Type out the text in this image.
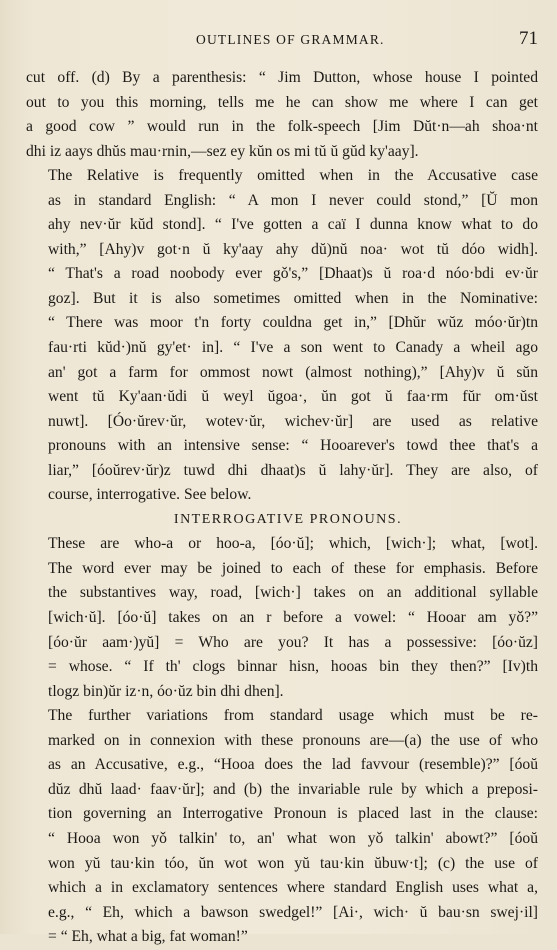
OUTLINES OF GRAMMAR.	71

cut off. (d) By a parenthesis: “ Jim Dutton, whose house I pointed
out to you this morning, tells me he can show me where I can get
a good cow ” would run in the folk-speech [Jim Dŭt·n—ah shoa·nt
dhi iz aays dhŭs mau·rnin,—sez ey kŭn os mi tŭ ŭ gŭd ky'aay].

The Relative is frequently omitted when in the Accusative case
as in standard English: “ A mon I never could stond,” [Ŭ mon
ahy nev·ŭr kŭd stond]. “ I've gotten a caï I dunna know what to do
with,” [Ahy)v got·n ŭ ky'aay ahy dŭ)nŭ noa· wot tŭ dóo widh].
“ That's a road noobody ever gǒ's,” [Dhaat)s ŭ roa·d nóo·bdi ev·ŭr
goz]. But it is also sometimes omitted when in the Nominative:
“ There was moor t'n forty couldna get in,” [Dhŭr wŭz móo·ŭr)tn
fau·rti kŭd·)nŭ gy'et· in]. “ I've a son went to Canady a wheil ago
an' got a farm for ommost nowt (almost nothing),” [Ahy)v ŭ sŭn
went tŭ Ky'aan·ŭdi ŭ weyl ŭgoa·, ŭn got ŭ faa·rm fŭr om·ŭst
nuwt]. [Óo·ŭrev·ŭr, wotev·ŭr, wichev·ŭr] are used as relative
pronouns with an intensive sense: “ Hooarever's towd thee that's a
liar,” [óoŭrev·ŭr)z tuwd dhi dhaat)s ŭ lahy·ŭr]. They are also, of
course, interrogative. See below.

INTERROGATIVE PRONOUNS.

These are who-a or hoo-a, [óo·ŭ]; which, [wich·]; what, [wot].
The word ever may be joined to each of these for emphasis. Before
the substantives way, road, [wich·] takes on an additional syllable
[wich·ŭ]. [óo·ŭ] takes on an r before a vowel: “ Hooar am yǒ?”
[óo·ŭr aam·)yŭ] = Who are you? It has a possessive: [óo·ŭz]
= whose. “ If th' clogs binnar hisn, hooas bin they then?” [Iv)th
tlogz bin)ŭr iz·n, óo·ŭz bin dhi dhen].

The further variations from standard usage which must be re-
marked on in connexion with these pronouns are—(a) the use of who
as an Accusative, e.g., “Hooa does the lad favvour (resemble)?” [óoŭ
dŭz dhŭ laad· faav·ŭr]; and (b) the invariable rule by which a preposi-
tion governing an Interrogative Pronoun is placed last in the clause:
“ Hooa won yǒ talkin' to, an' what won yǒ talkin' abowt?” [óoŭ
won yŭ tau·kin tóo, ŭn wot won yŭ tau·kin ŭbuw·t]; (c) the use of
which a in exclamatory sentences where standard English uses what a,
e.g., “ Eh, which a bawson swedgel!” [Ai·, wich· ŭ bau·sn swej·il]
= “ Eh, what a big, fat woman!”
